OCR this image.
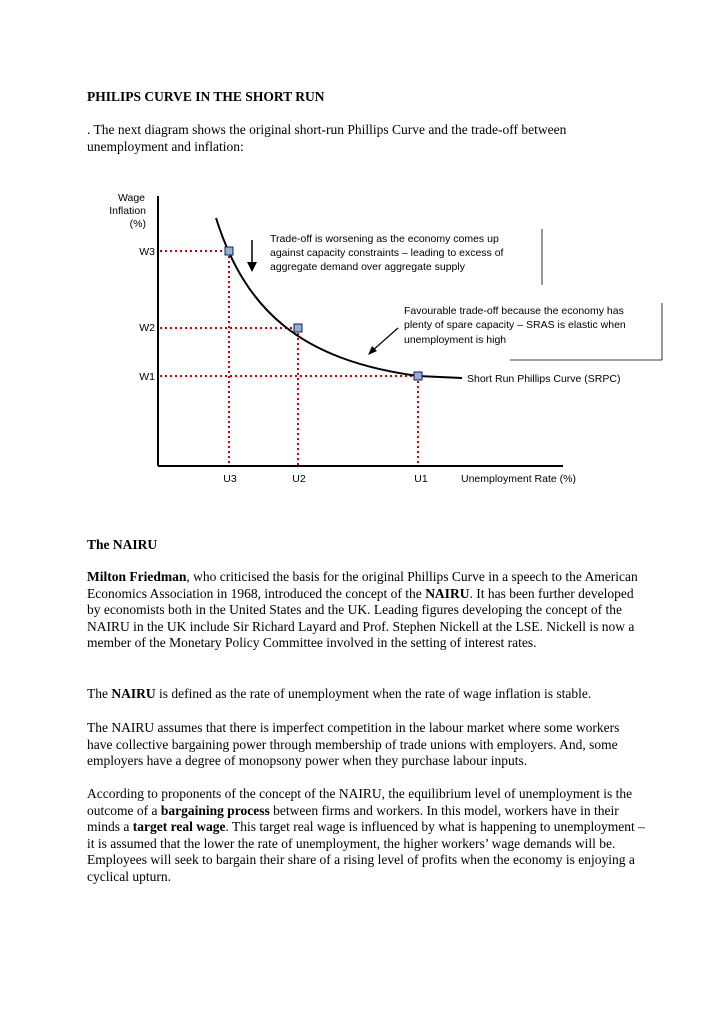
PHILIPS CURVE IN THE SHORT RUN
. The next diagram shows the original short-run Phillips Curve and the trade-off between unemployment and inflation:
Wage
Inflation
(%)
W3
W2
W1
U3	U2	U1	Unemployment Rate (%)
Short Run Phillips Curve (SRPC)
Trade-off is worsening as the economy comes up
against capacity constraints – leading to excess of
aggregate demand over aggregate supply
Favourable trade-off because the economy has
plenty of spare capacity – SRAS is elastic when
unemployment is high
The NAIRU
Milton Friedman, who criticised the basis for the original Phillips Curve in a speech to the American Economics Association in 1968, introduced the concept of the NAIRU. It has been further developed by economists both in the United States and the UK. Leading figures developing the concept of the NAIRU in the UK include Sir Richard Layard and Prof. Stephen Nickell at the LSE. Nickell is now a member of the Monetary Policy Committee involved in the setting of interest rates.
The NAIRU is defined as the rate of unemployment when the rate of wage inflation is stable.
The NAIRU assumes that there is imperfect competition in the labour market where some workers have collective bargaining power through membership of trade unions with employers. And, some employers have a degree of monopsony power when they purchase labour inputs.
According to proponents of the concept of the NAIRU, the equilibrium level of unemployment is the outcome of a bargaining process between firms and workers. In this model, workers have in their minds a target real wage. This target real wage is influenced by what is happening to unemployment – it is assumed that the lower the rate of unemployment, the higher workers’ wage demands will be. Employees will seek to bargain their share of a rising level of profits when the economy is enjoying a cyclical upturn.
